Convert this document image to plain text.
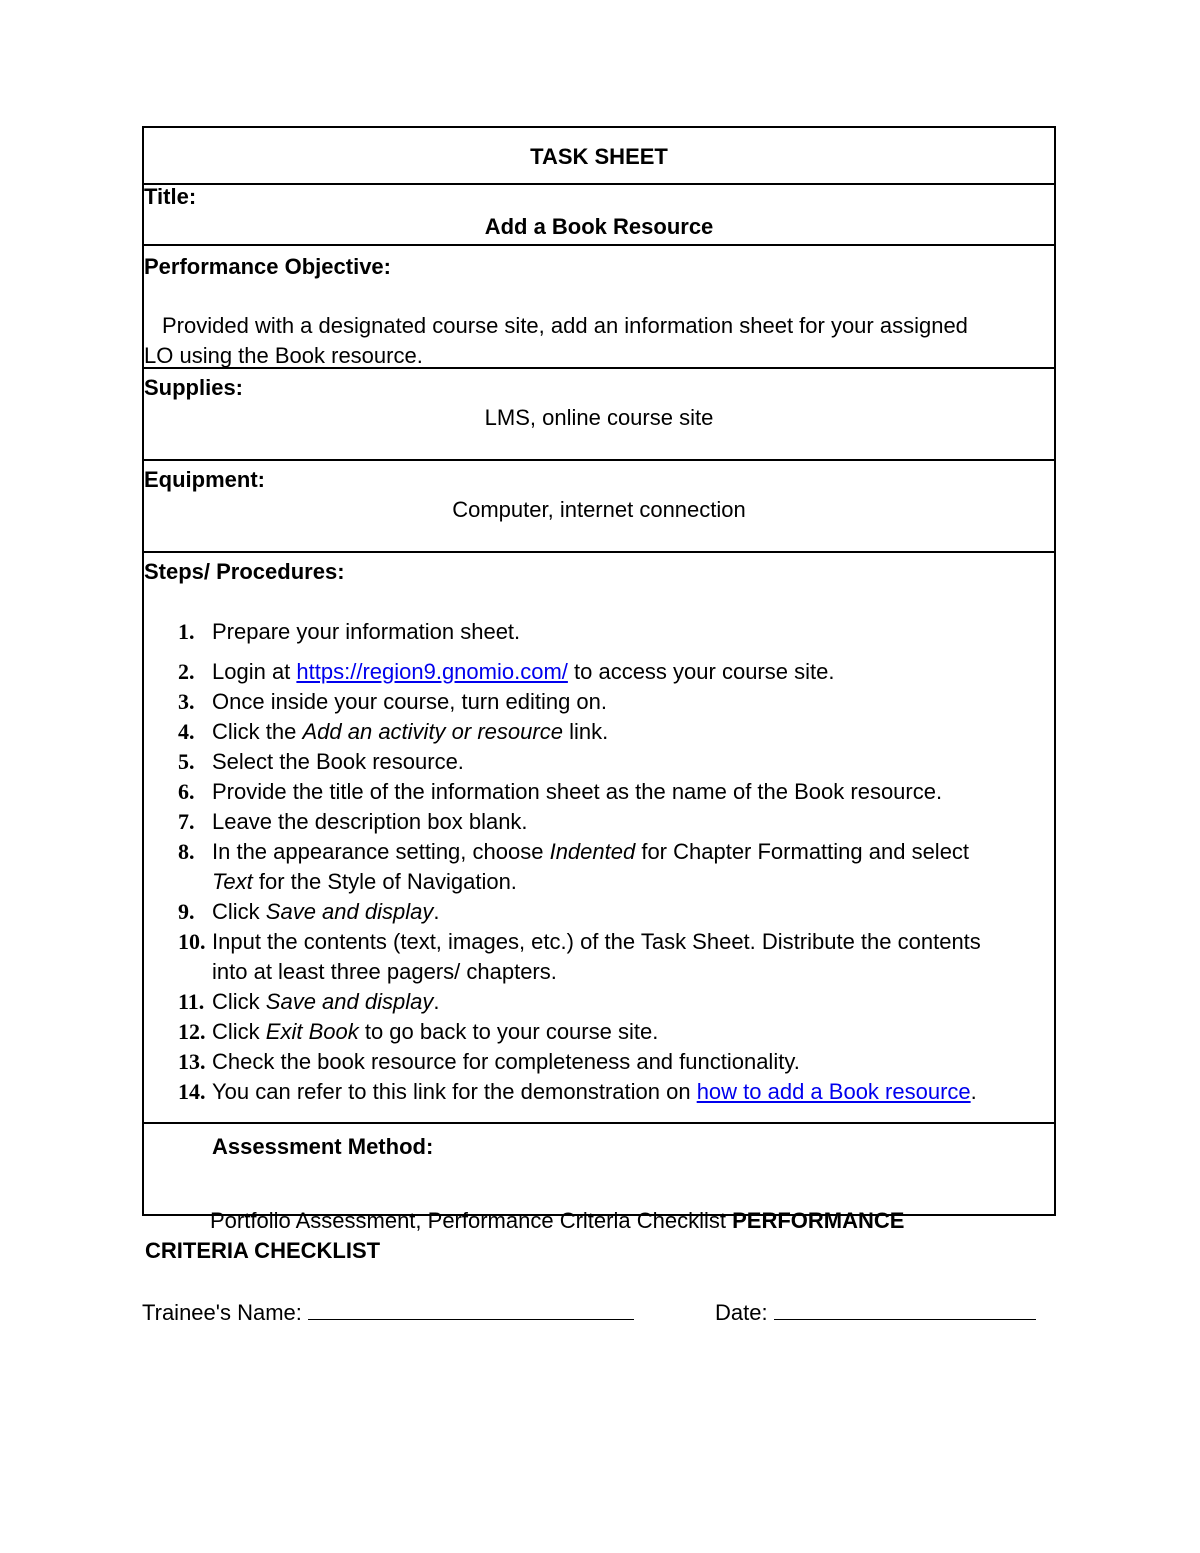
TASK SHEET
Title:
Add a Book Resource
Performance Objective:
Provided with a designated course site, add an information sheet for your assigned
LO using the Book resource.
Supplies:
LMS, online course site
Equipment:
Computer, internet connection
Steps/ Procedures:
1. Prepare your information sheet.
2. Login at https://region9.gnomio.com/ to access your course site.
3. Once inside your course, turn editing on.
4. Click the Add an activity or resource link.
5. Select the Book resource.
6. Provide the title of the information sheet as the name of the Book resource.
7. Leave the description box blank.
8. In the appearance setting, choose Indented for Chapter Formatting and select
Text for the Style of Navigation.
9. Click Save and display.
10. Input the contents (text, images, etc.) of the Task Sheet. Distribute the contents
into at least three pagers/ chapters.
11. Click Save and display.
12. Click Exit Book to go back to your course site.
13. Check the book resource for completeness and functionality.
14. You can refer to this link for the demonstration on how to add a Book resource.
Assessment Method:
Portfolio Assessment, Performance Criteria Checklist PERFORMANCE
CRITERIA CHECKLIST
Trainee's Name:	Date:
